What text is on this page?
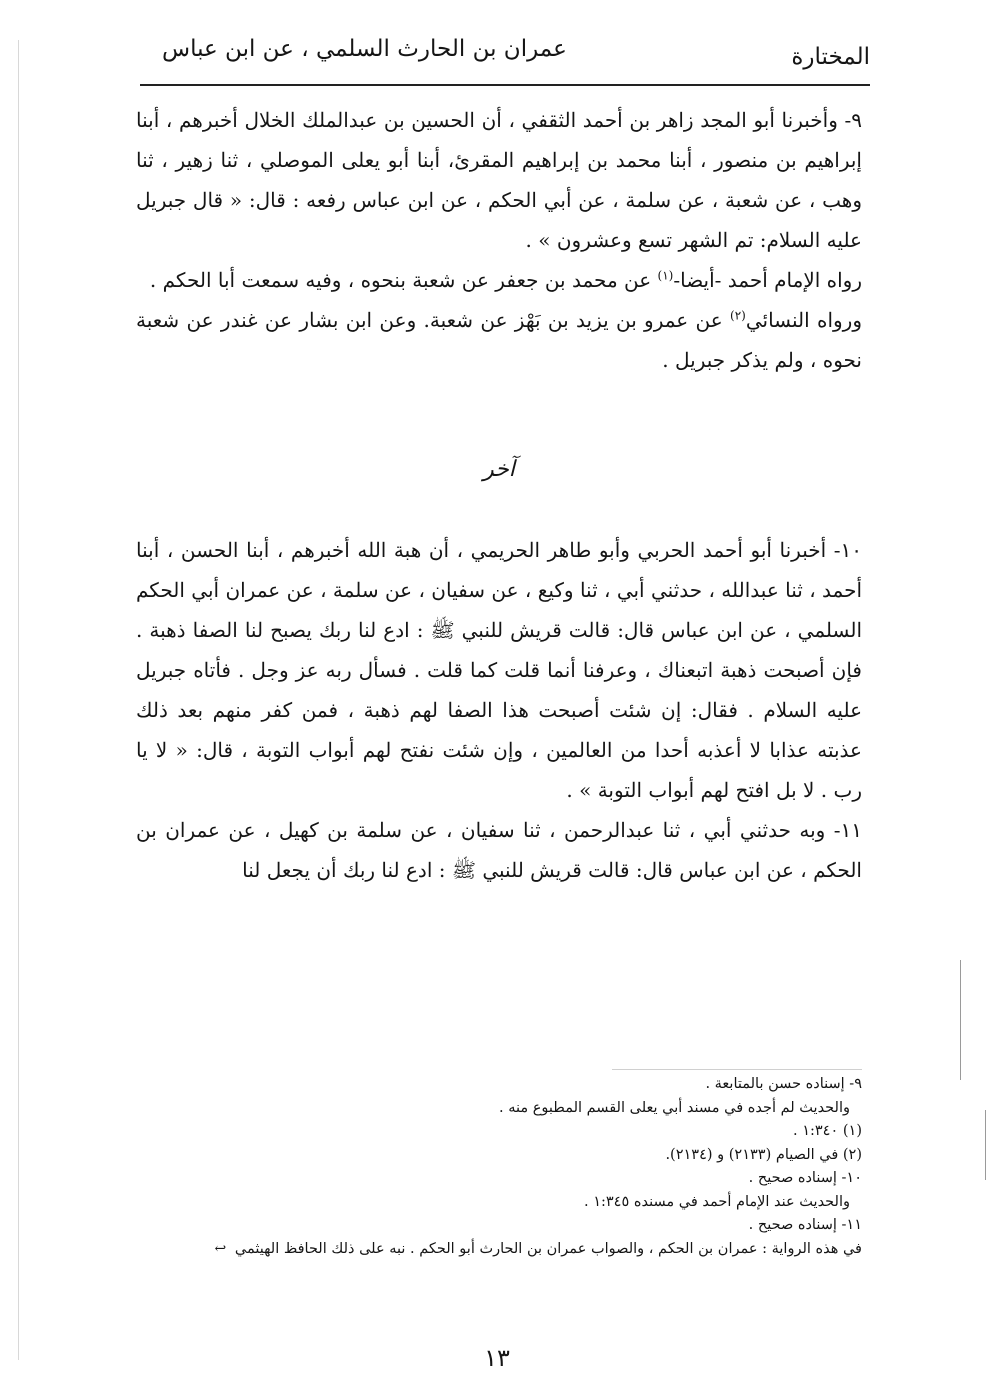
المختارة
عمران بن الحارث السلمي ، عن ابن عباس

٩- وأخبرنا أبو المجد زاهر بن أحمد الثقفي ، أن الحسين بن عبدالملك الخلال أخبرهم ، أبنا إبراهيم بن منصور ، أبنا محمد بن إبراهيم المقرئ، أبنا أبو يعلى الموصلي ، ثنا زهير ، ثنا وهب ، عن شعبة ، عن سلمة ، عن أبي الحكم ، عن ابن عباس رفعه : قال: « قال جبريل عليه السلام: تم الشهر تسع وعشرون » .

رواه الإمام أحمد -أيضا-$^{(١)}$ عن محمد بن جعفر عن شعبة بنحوه ، وفيه سمعت أبا الحكم .

ورواه النسائي$^{(٢)}$ عن عمرو بن يزيد بن بَهْز عن شعبة. وعن ابن بشار عن غندر عن شعبة نحوه ، ولم يذكر جبريل .

آخر

١٠- أخبرنا أبو أحمد الحربي وأبو طاهر الحريمي ، أن هبة الله أخبرهم ، أبنا الحسن ، أبنا أحمد ، ثنا عبدالله ، حدثني أبي ، ثنا وكيع ، عن سفيان ، عن سلمة ، عن عمران أبي الحكم السلمي ، عن ابن عباس قال: قالت قريش للنبي ﷺ : ادع لنا ربك يصبح لنا الصفا ذهبة . فإن أصبحت ذهبة اتبعناك ، وعرفنا أنما قلت كما قلت . فسأل ربه عز وجل . فأتاه جبريل عليه السلام . فقال: إن شئت أصبحت هذا الصفا لهم ذهبة ، فمن كفر منهم بعد ذلك عذبته عذابا لا أعذبه أحدا من العالمين ، وإن شئت نفتح لهم أبواب التوبة ، قال: « لا يا رب . لا بل افتح لهم أبواب التوبة » .

١١- وبه حدثني أبي ، ثنا عبدالرحمن ، ثنا سفيان ، عن سلمة بن كهيل ، عن عمران بن الحكم ، عن ابن عباس قال: قالت قريش للنبي ﷺ : ادع لنا ربك أن يجعل لنا

٩- إسناده حسن بالمتابعة .

والحديث لم أجده في مسند أبي يعلى القسم المطبوع منه .

(١) ١:٣٤٠ .

(٢) في الصيام (٢١٣٣) و (٢١٣٤).

١٠- إسناده صحيح .

والحديث عند الإمام أحمد في مسنده ١:٣٤٥ .

١١- إسناده صحيح .

في هذه الرواية : عمران بن الحكم ، والصواب عمران بن الحارث أبو الحكم . نبه على ذلك الحافظ الهيثمي ↩

١٣
